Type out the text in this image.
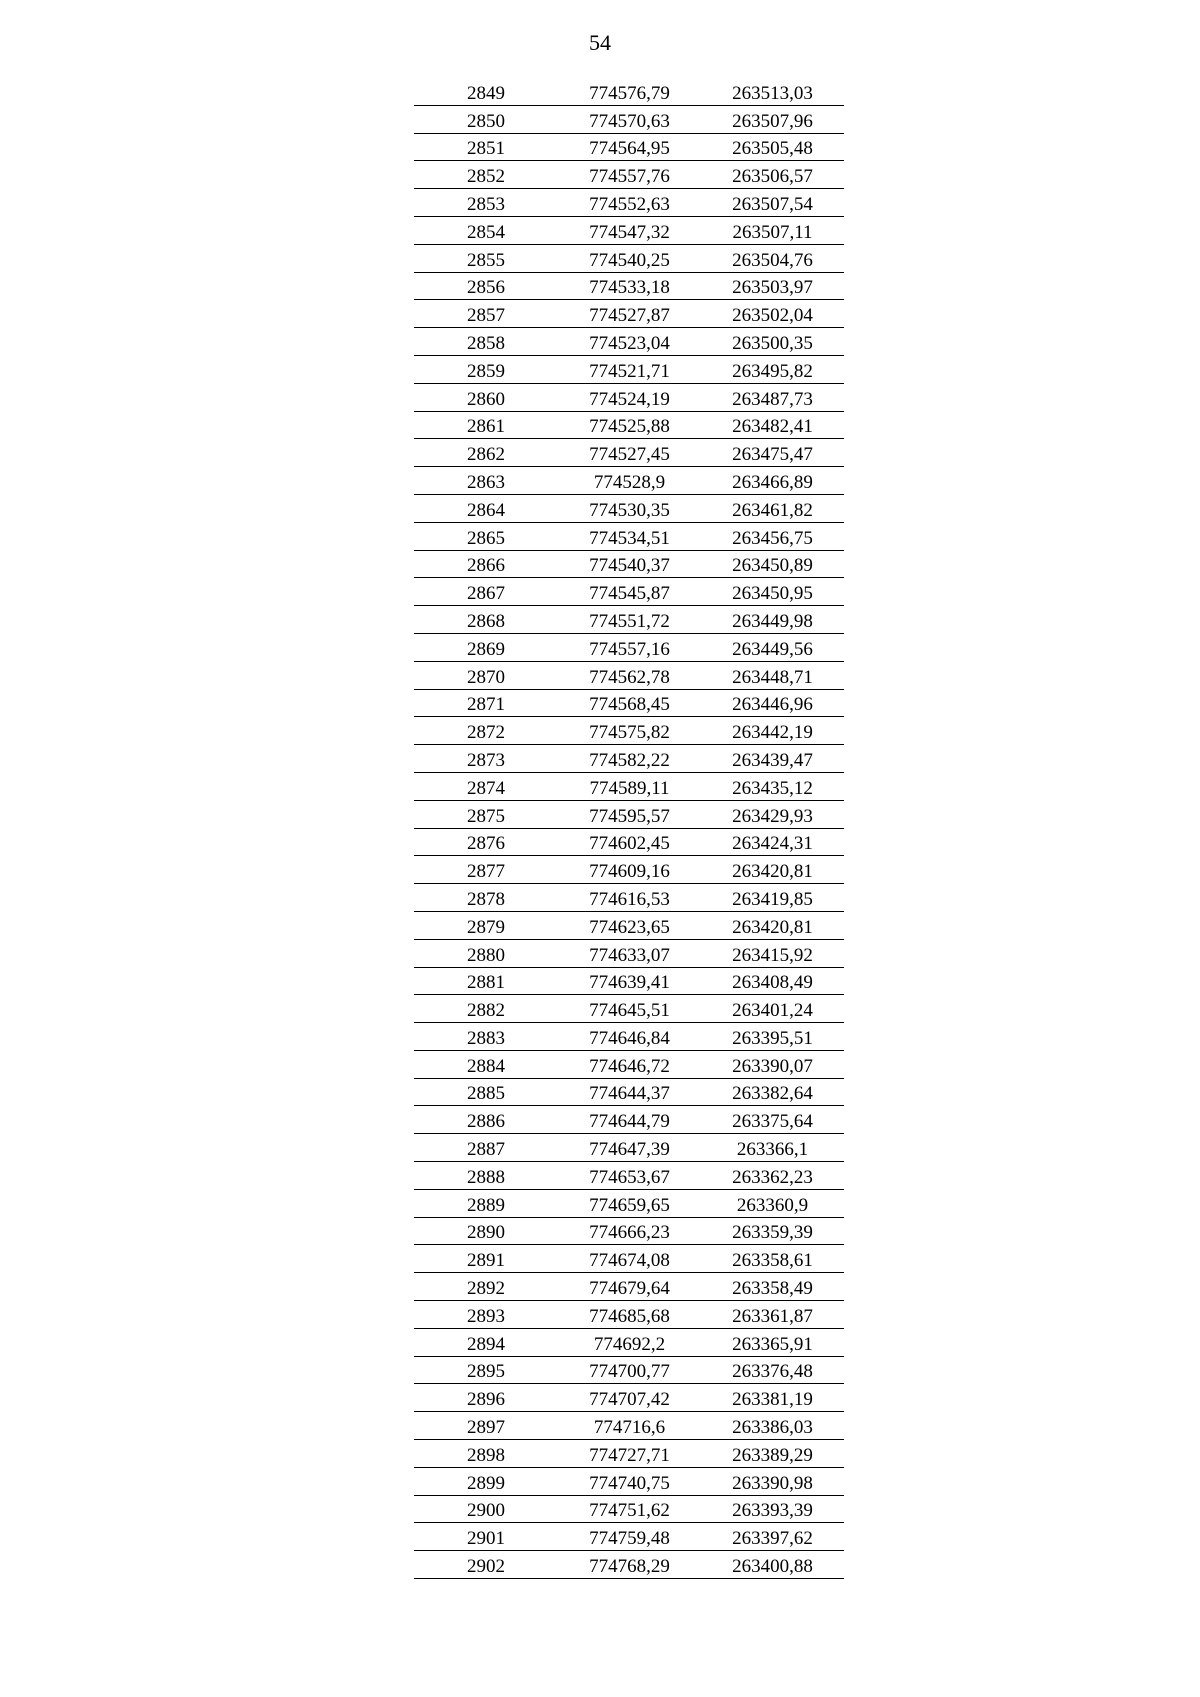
54
2849	774576,79	263513,03
2850	774570,63	263507,96
2851	774564,95	263505,48
2852	774557,76	263506,57
2853	774552,63	263507,54
2854	774547,32	263507,11
2855	774540,25	263504,76
2856	774533,18	263503,97
2857	774527,87	263502,04
2858	774523,04	263500,35
2859	774521,71	263495,82
2860	774524,19	263487,73
2861	774525,88	263482,41
2862	774527,45	263475,47
2863	774528,9	263466,89
2864	774530,35	263461,82
2865	774534,51	263456,75
2866	774540,37	263450,89
2867	774545,87	263450,95
2868	774551,72	263449,98
2869	774557,16	263449,56
2870	774562,78	263448,71
2871	774568,45	263446,96
2872	774575,82	263442,19
2873	774582,22	263439,47
2874	774589,11	263435,12
2875	774595,57	263429,93
2876	774602,45	263424,31
2877	774609,16	263420,81
2878	774616,53	263419,85
2879	774623,65	263420,81
2880	774633,07	263415,92
2881	774639,41	263408,49
2882	774645,51	263401,24
2883	774646,84	263395,51
2884	774646,72	263390,07
2885	774644,37	263382,64
2886	774644,79	263375,64
2887	774647,39	263366,1
2888	774653,67	263362,23
2889	774659,65	263360,9
2890	774666,23	263359,39
2891	774674,08	263358,61
2892	774679,64	263358,49
2893	774685,68	263361,87
2894	774692,2	263365,91
2895	774700,77	263376,48
2896	774707,42	263381,19
2897	774716,6	263386,03
2898	774727,71	263389,29
2899	774740,75	263390,98
2900	774751,62	263393,39
2901	774759,48	263397,62
2902	774768,29	263400,88
